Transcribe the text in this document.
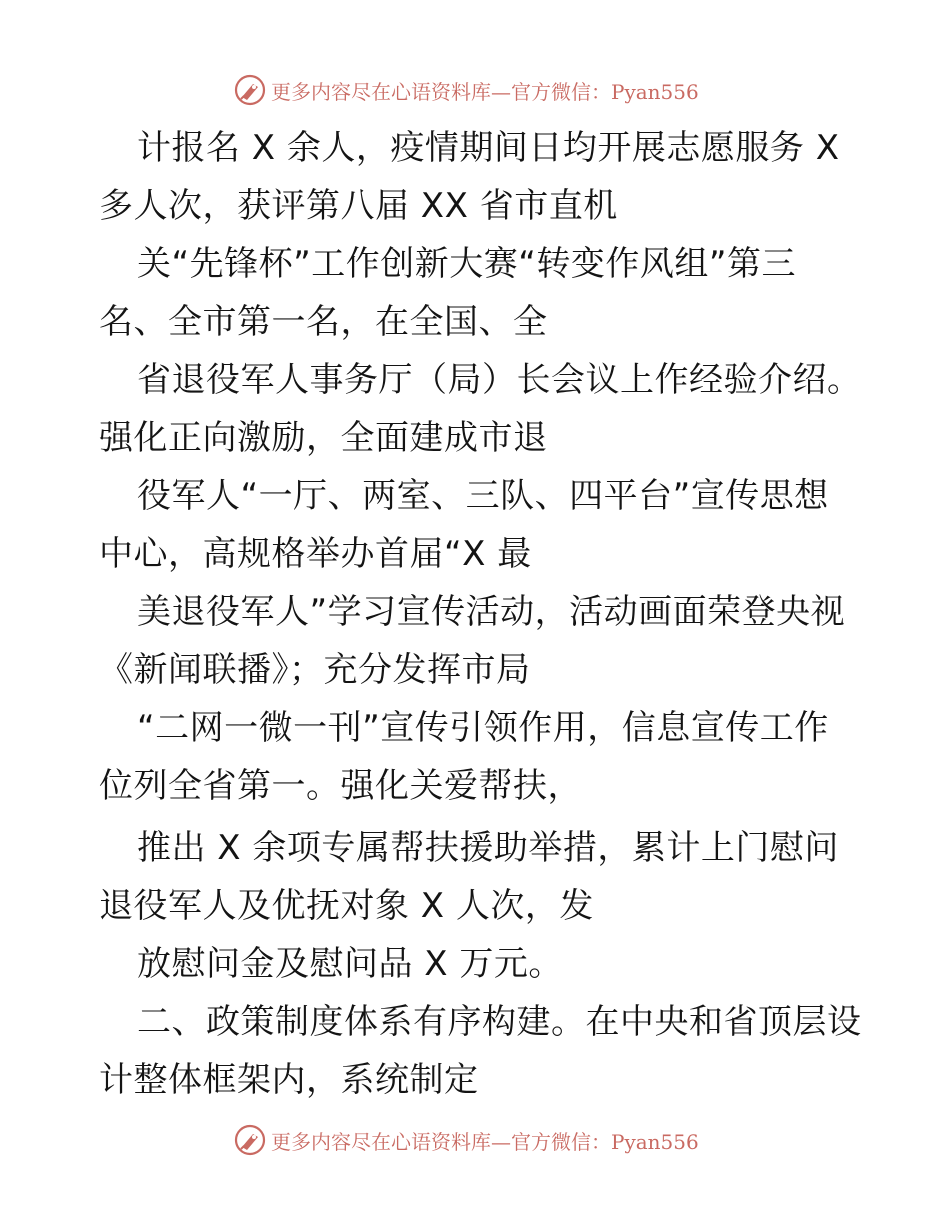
更多内容尽在心语资料库—官方微信：Pyan556
计报名 X 余人，疫情期间日均开展志愿服务 X
多人次，获评第八届 XX 省市直机
关“先锋杯”工作创新大赛“转变作风组”第三
名、全市第一名，在全国、全
省退役军人事务厅（局）长会议上作经验介绍。
强化正向激励，全面建成市退
役军人“一厅、两室、三队、四平台”宣传思想
中心，高规格举办首届“X 最
美退役军人”学习宣传活动，活动画面荣登央视
《新闻联播》；充分发挥市局
“二网一微一刊”宣传引领作用，信息宣传工作
位列全省第一。强化关爱帮扶，
推出 X 余项专属帮扶援助举措，累计上门慰问
退役军人及优抚对象 X 人次，发
放慰问金及慰问品 X 万元。
二、政策制度体系有序构建。在中央和省顶层设
计整体框架内，系统制定
更多内容尽在心语资料库—官方微信：Pyan556
